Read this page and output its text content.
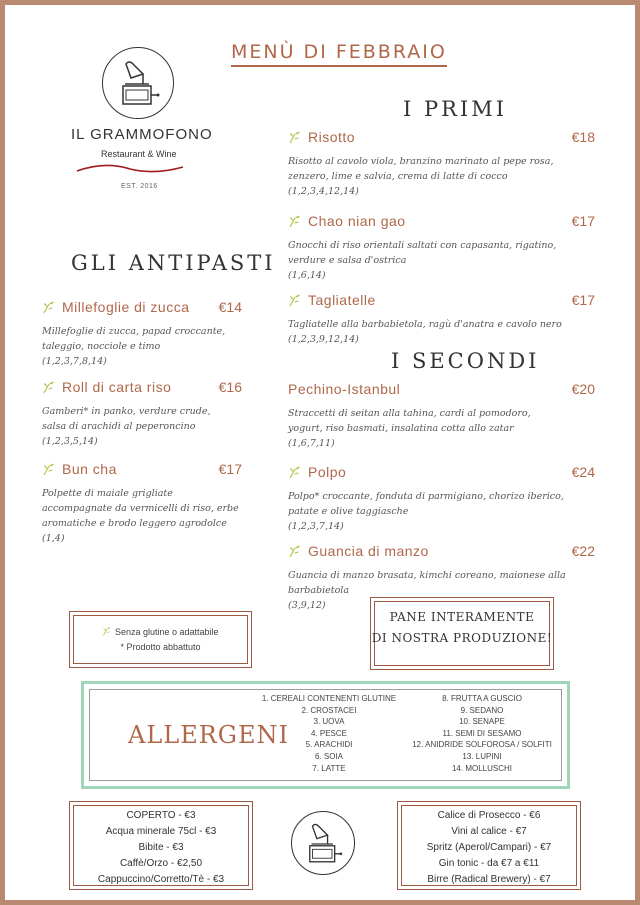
MENÙ DI FEBBRAIO
IL GRAMMOFONO
Restaurant & Wine
EST. 2016
GLI ANTIPASTI
Millefoglie di zucca €14
Millefoglie di zucca, papad croccante,
taleggio, nocciole e timo
(1,2,3,7,8,14)
Roll di carta riso	€16
Gamberi* in panko, verdure crude,
salsa di arachidi al peperoncino
(1,2,3,5,14)
Bun cha	€17
Polpette di maiale grigliate
accompagnate da vermicelli di riso, erbe
aromatiche e brodo leggero agrodolce
(1,4)
I PRIMI
Risotto	€18
Risotto al cavolo viola, branzino marinato al pepe rosa,
zenzero, lime e salvia, crema di latte di cocco
(1,2,3,4,12,14)
Chao nian gao	€17
Gnocchi di riso orientali saltati con capasanta, rigatino,
verdure e salsa d'ostrica
(1,6,14)
Tagliatelle	€17
Tagliatelle alla barbabietola, ragù d'anatra e cavolo nero
(1,2,3,9,12,14)
I SECONDI
Pechino-Istanbul	€20
Straccetti di seitan alla tahina, cardi al pomodoro,
yogurt, riso basmati, insalatina cotta allo zatar
(1,6,7,11)
Polpo	€24
Polpo* croccante, fonduta di parmigiano, chorizo iberico,
patate e olive taggiasche
(1,2,3,7,14)
Guancia di manzo	€22
Guancia di manzo brasata, kimchi coreano, maionese alla
barbabietola
(3,9,12)
Senza glutine o adattabile
* Prodotto abbattuto
PANE INTERAMENTE
DI NOSTRA PRODUZIONE!
ALLERGENI
1. CEREALI CONTENENTI GLUTINE
2. CROSTACEI
3. UOVA
4. PESCE
5. ARACHIDI
6. SOIA
7. LATTE
8. FRUTTA A GUSCIO
9. SEDANO
10. SENAPE
11. SEMI DI SESAMO
12. ANIDRIDE SOLFOROSA / SOLFITI
13. LUPINI
14. MOLLUSCHI
COPERTO - €3
Acqua minerale 75cl - €3
Bibite - €3
Caffè/Orzo - €2,50
Cappuccino/Corretto/Tè - €3
Calice di Prosecco - €6
Vini al calice - €7
Spritz (Aperol/Campari) - €7
Gin tonic - da €7 a €11
Birre (Radical Brewery) - €7
